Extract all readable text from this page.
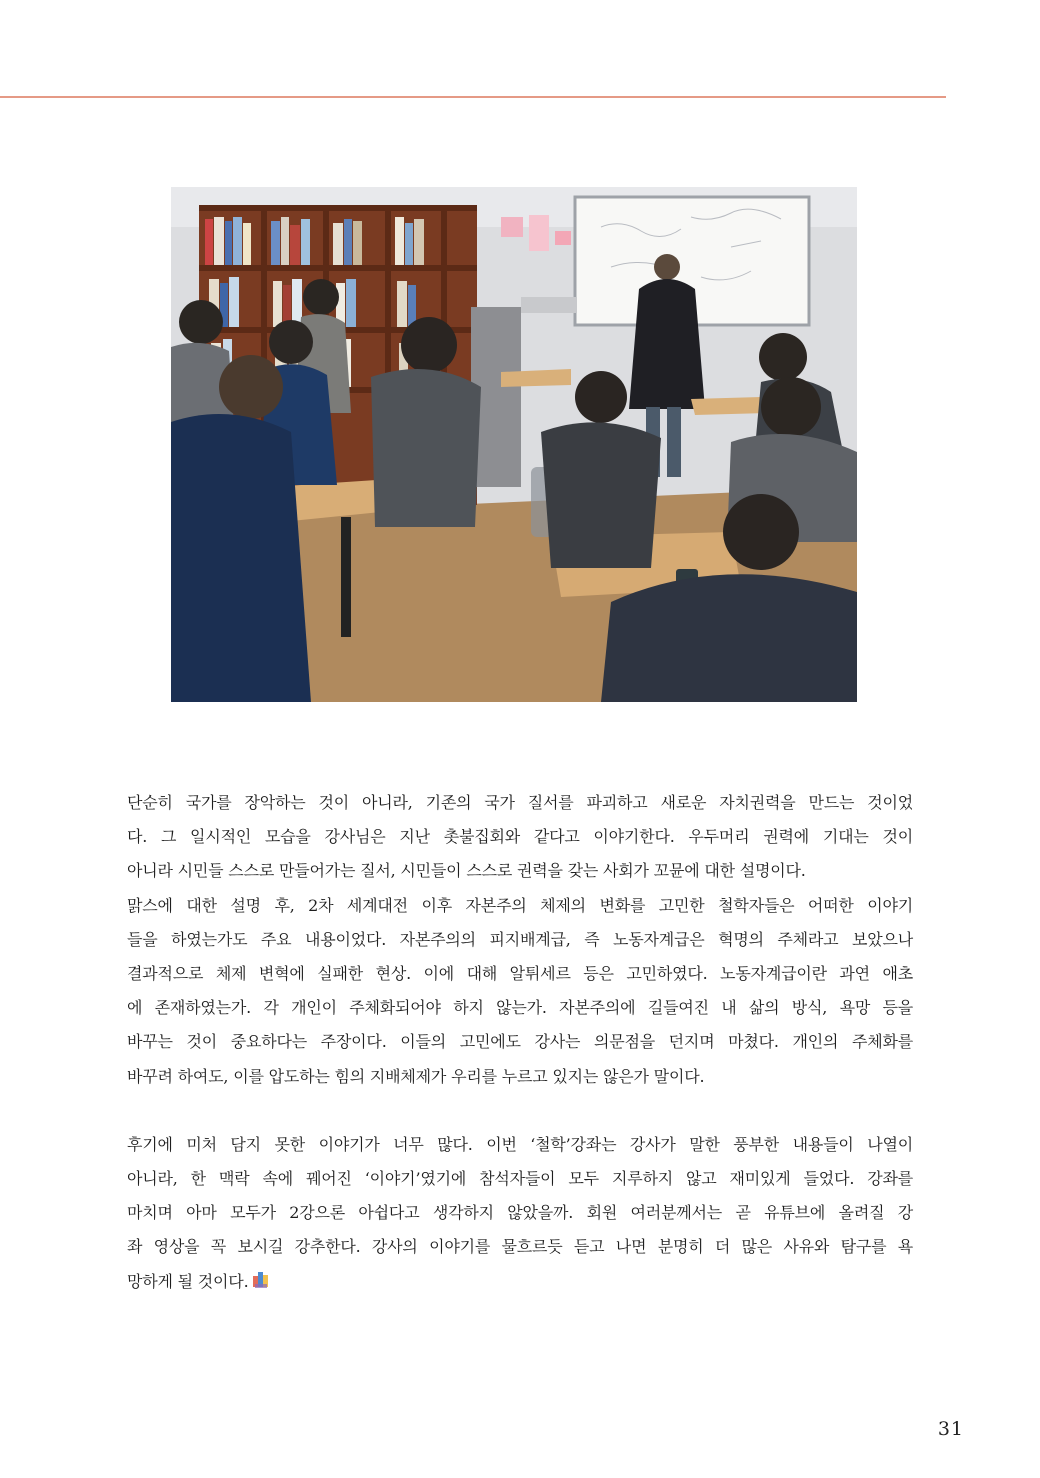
단순히 국가를 장악하는 것이 아니라, 기존의 국가 질서를 파괴하고 새로운 자치권력을 만드는 것이었
다. 그 일시적인 모습을 강사님은 지난 촛불집회와 같다고 이야기한다. 우두머리 권력에 기대는 것이
아니라 시민들 스스로 만들어가는 질서, 시민들이 스스로 권력을 갖는 사회가 꼬뮨에 대한 설명이다.
맑스에 대한 설명 후, 2차 세계대전 이후 자본주의 체제의 변화를 고민한 철학자들은 어떠한 이야기
들을 하였는가도 주요 내용이었다. 자본주의의 피지배계급, 즉 노동자계급은 혁명의 주체라고 보았으나
결과적으로 체제 변혁에 실패한 현상. 이에 대해 알튀세르 등은 고민하였다. 노동자계급이란 과연 애초
에 존재하였는가. 각 개인이 주체화되어야 하지 않는가. 자본주의에 길들여진 내 삶의 방식, 욕망 등을
바꾸는 것이 중요하다는 주장이다. 이들의 고민에도 강사는 의문점을 던지며 마쳤다. 개인의 주체화를
바꾸려 하여도, 이를 압도하는 힘의 지배체제가 우리를 누르고 있지는 않은가 말이다.
후기에 미처 담지 못한 이야기가 너무 많다. 이번 ‘철학’강좌는 강사가 말한 풍부한 내용들이 나열이
아니라, 한 맥락 속에 꿰어진 ‘이야기’였기에 참석자들이 모두 지루하지 않고 재미있게 들었다. 강좌를
마치며 아마 모두가 2강으론 아쉽다고 생각하지 않았을까. 회원 여러분께서는 곧 유튜브에 올려질 강
좌 영상을 꼭 보시길 강추한다. 강사의 이야기를 물흐르듯 듣고 나면 분명히 더 많은 사유와 탐구를 욕
망하게 될 것이다.
31
